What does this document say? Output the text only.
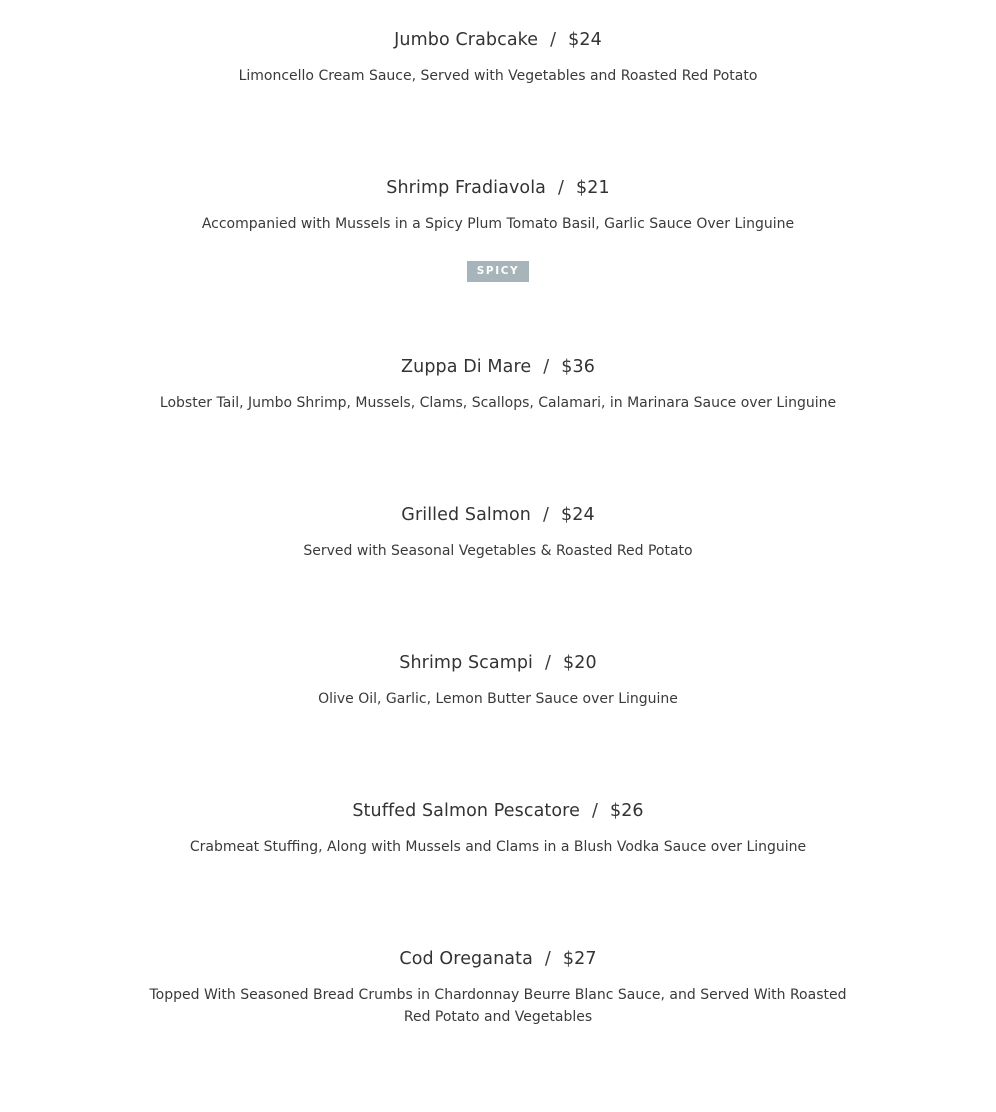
Jumbo Crabcake / $24
Limoncello Cream Sauce, Served with Vegetables and Roasted Red Potato
Shrimp Fradiavola / $21
Accompanied with Mussels in a Spicy Plum Tomato Basil, Garlic Sauce Over Linguine
SPICY
Zuppa Di Mare / $36
Lobster Tail, Jumbo Shrimp, Mussels, Clams, Scallops, Calamari, in Marinara Sauce over Linguine
Grilled Salmon / $24
Served with Seasonal Vegetables & Roasted Red Potato
Shrimp Scampi / $20
Olive Oil, Garlic, Lemon Butter Sauce over Linguine
Stuffed Salmon Pescatore / $26
Crabmeat Stuffing, Along with Mussels and Clams in a Blush Vodka Sauce over Linguine
Cod Oreganata / $27
Topped With Seasoned Bread Crumbs in Chardonnay Beurre Blanc Sauce, and Served With Roasted Red Potato and Vegetables
